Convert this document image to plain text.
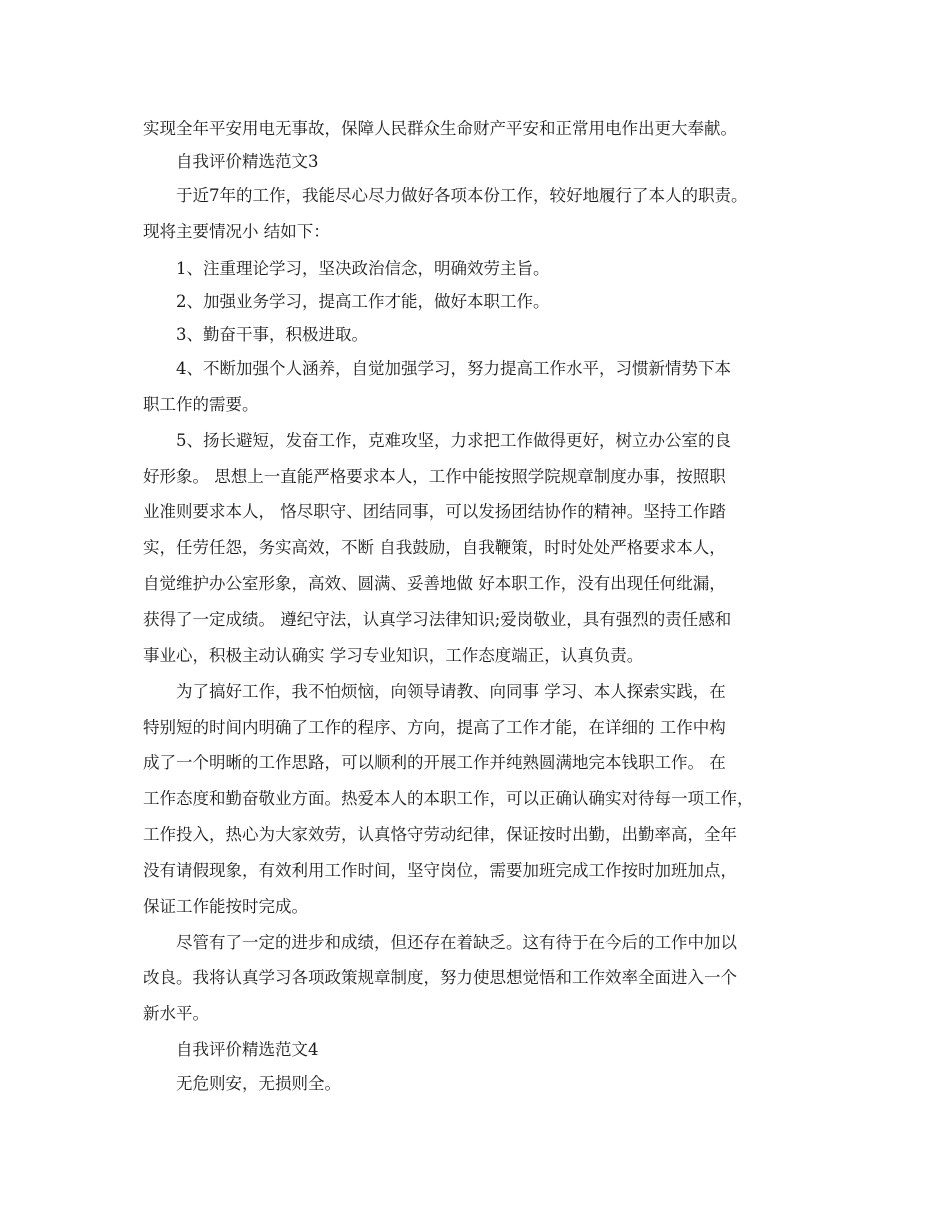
实现全年平安用电无事故，保障人民群众生命财产平安和正常用电作出更大奉献。
自我评价精选范文3
于近7年的工作，我能尽心尽力做好各项本份工作，较好地履行了本人的职责。
现将主要情况小 结如下：
1、注重理论学习，坚决政治信念，明确效劳主旨。
2、加强业务学习，提高工作才能，做好本职工作。
3、勤奋干事，积极进取。
4、不断加强个人涵养，自觉加强学习，努力提高工作水平，习惯新情势下本
职工作的需要。
5、扬长避短，发奋工作，克难攻坚，力求把工作做得更好，树立办公室的良
好形象。 思想上一直能严格要求本人，工作中能按照学院规章制度办事，按照职
业准则要求本人， 恪尽职守、团结同事，可以发扬团结协作的精神。坚持工作踏
实，任劳任怨，务实高效，不断 自我鼓励，自我鞭策，时时处处严格要求本人，
自觉维护办公室形象，高效、圆满、妥善地做 好本职工作，没有出现任何纰漏，
获得了一定成绩。 遵纪守法，认真学习法律知识;爱岗敬业，具有强烈的责任感和
事业心，积极主动认确实 学习专业知识，工作态度端正，认真负责。
为了搞好工作，我不怕烦恼，向领导请教、向同事 学习、本人探索实践，在
特别短的时间内明确了工作的程序、方向，提高了工作才能，在详细的 工作中构
成了一个明晰的工作思路，可以顺利的开展工作并纯熟圆满地完本钱职工作。 在
工作态度和勤奋敬业方面。热爱本人的本职工作，可以正确认确实对待每一项工作，
工作投入，热心为大家效劳，认真恪守劳动纪律，保证按时出勤，出勤率高，全年
没有请假现象，有效利用工作时间，坚守岗位，需要加班完成工作按时加班加点，
保证工作能按时完成。
尽管有了一定的进步和成绩，但还存在着缺乏。这有待于在今后的工作中加以
改良。我将认真学习各项政策规章制度，努力使思想觉悟和工作效率全面进入一个
新水平。
自我评价精选范文4
无危则安，无损则全。
